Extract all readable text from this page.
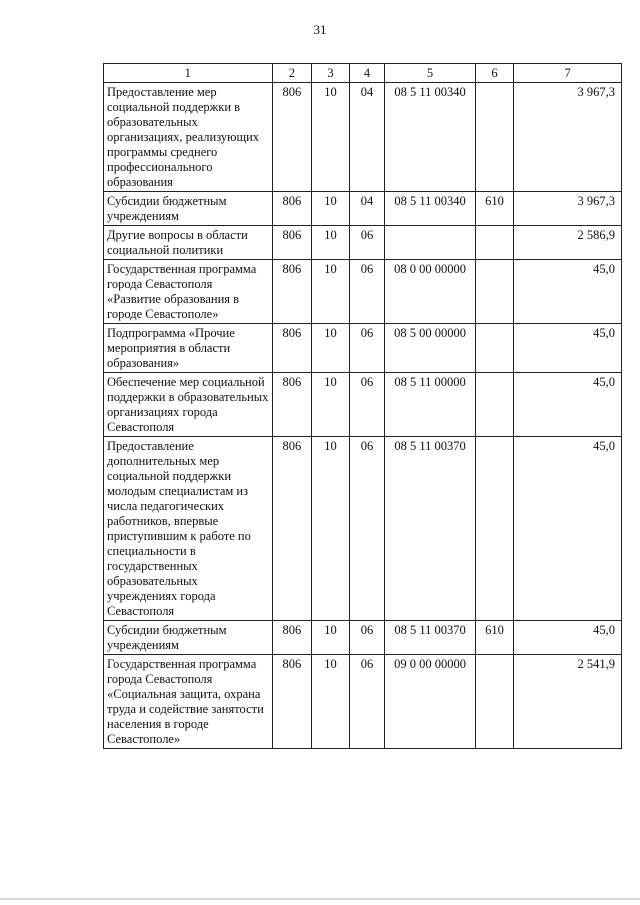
31
1	2	3	4	5	6	7
Предоставление мер социальной поддержки в образовательных организациях, реализующих программы среднего профессионального образования	806	10	04	08 5 11 00340		3 967,3
Субсидии бюджетным учреждениям	806	10	04	08 5 11 00340	610	3 967,3
Другие вопросы в области социальной политики	806	10	06			2 586,9
Государственная программа города Севастополя «Развитие образования в городе Севастополе»	806	10	06	08 0 00 00000		45,0
Подпрограмма «Прочие мероприятия в области образования»	806	10	06	08 5 00 00000		45,0
Обеспечение мер социальной поддержки в образовательных организациях города Севастополя	806	10	06	08 5 11 00000		45,0
Предоставление дополнительных мер социальной поддержки молодым специалистам из числа педагогических работников, впервые приступившим к работе по специальности в государственных образовательных учреждениях города Севастополя	806	10	06	08 5 11 00370		45,0
Субсидии бюджетным учреждениям	806	10	06	08 5 11 00370	610	45,0
Государственная программа города Севастополя «Социальная защита, охрана труда и содействие занятости населения в городе Севастополе»	806	10	06	09 0 00 00000		2 541,9
